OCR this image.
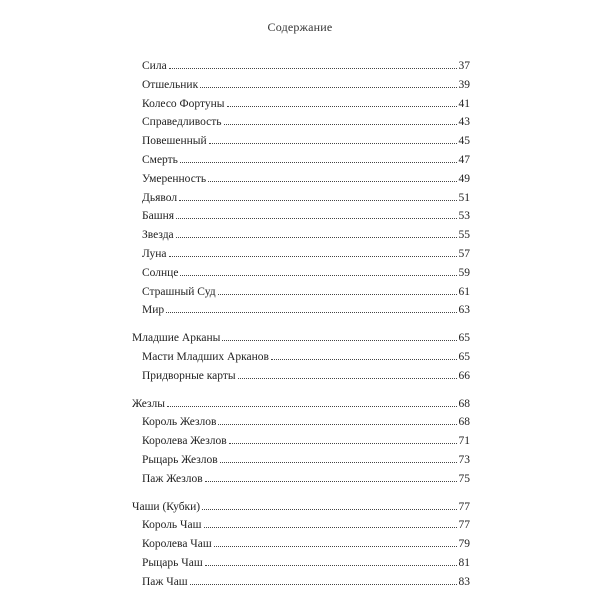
Содержание
Сила	37
Отшельник	39
Колесо Фортуны	41
Справедливость	43
Повешенный	45
Смерть	47
Умеренность	49
Дьявол	51
Башня	53
Звезда	55
Луна	57
Солнце	59
Страшный Суд	61
Мир	63
Младшие Арканы	65
Масти Младших Арканов	65
Придворные карты	66
Жезлы	68
Король Жезлов	68
Королева Жезлов	71
Рыцарь Жезлов	73
Паж Жезлов	75
Чаши (Кубки)	77
Король Чаш	77
Королева Чаш	79
Рыцарь Чаш	81
Паж Чаш	83
